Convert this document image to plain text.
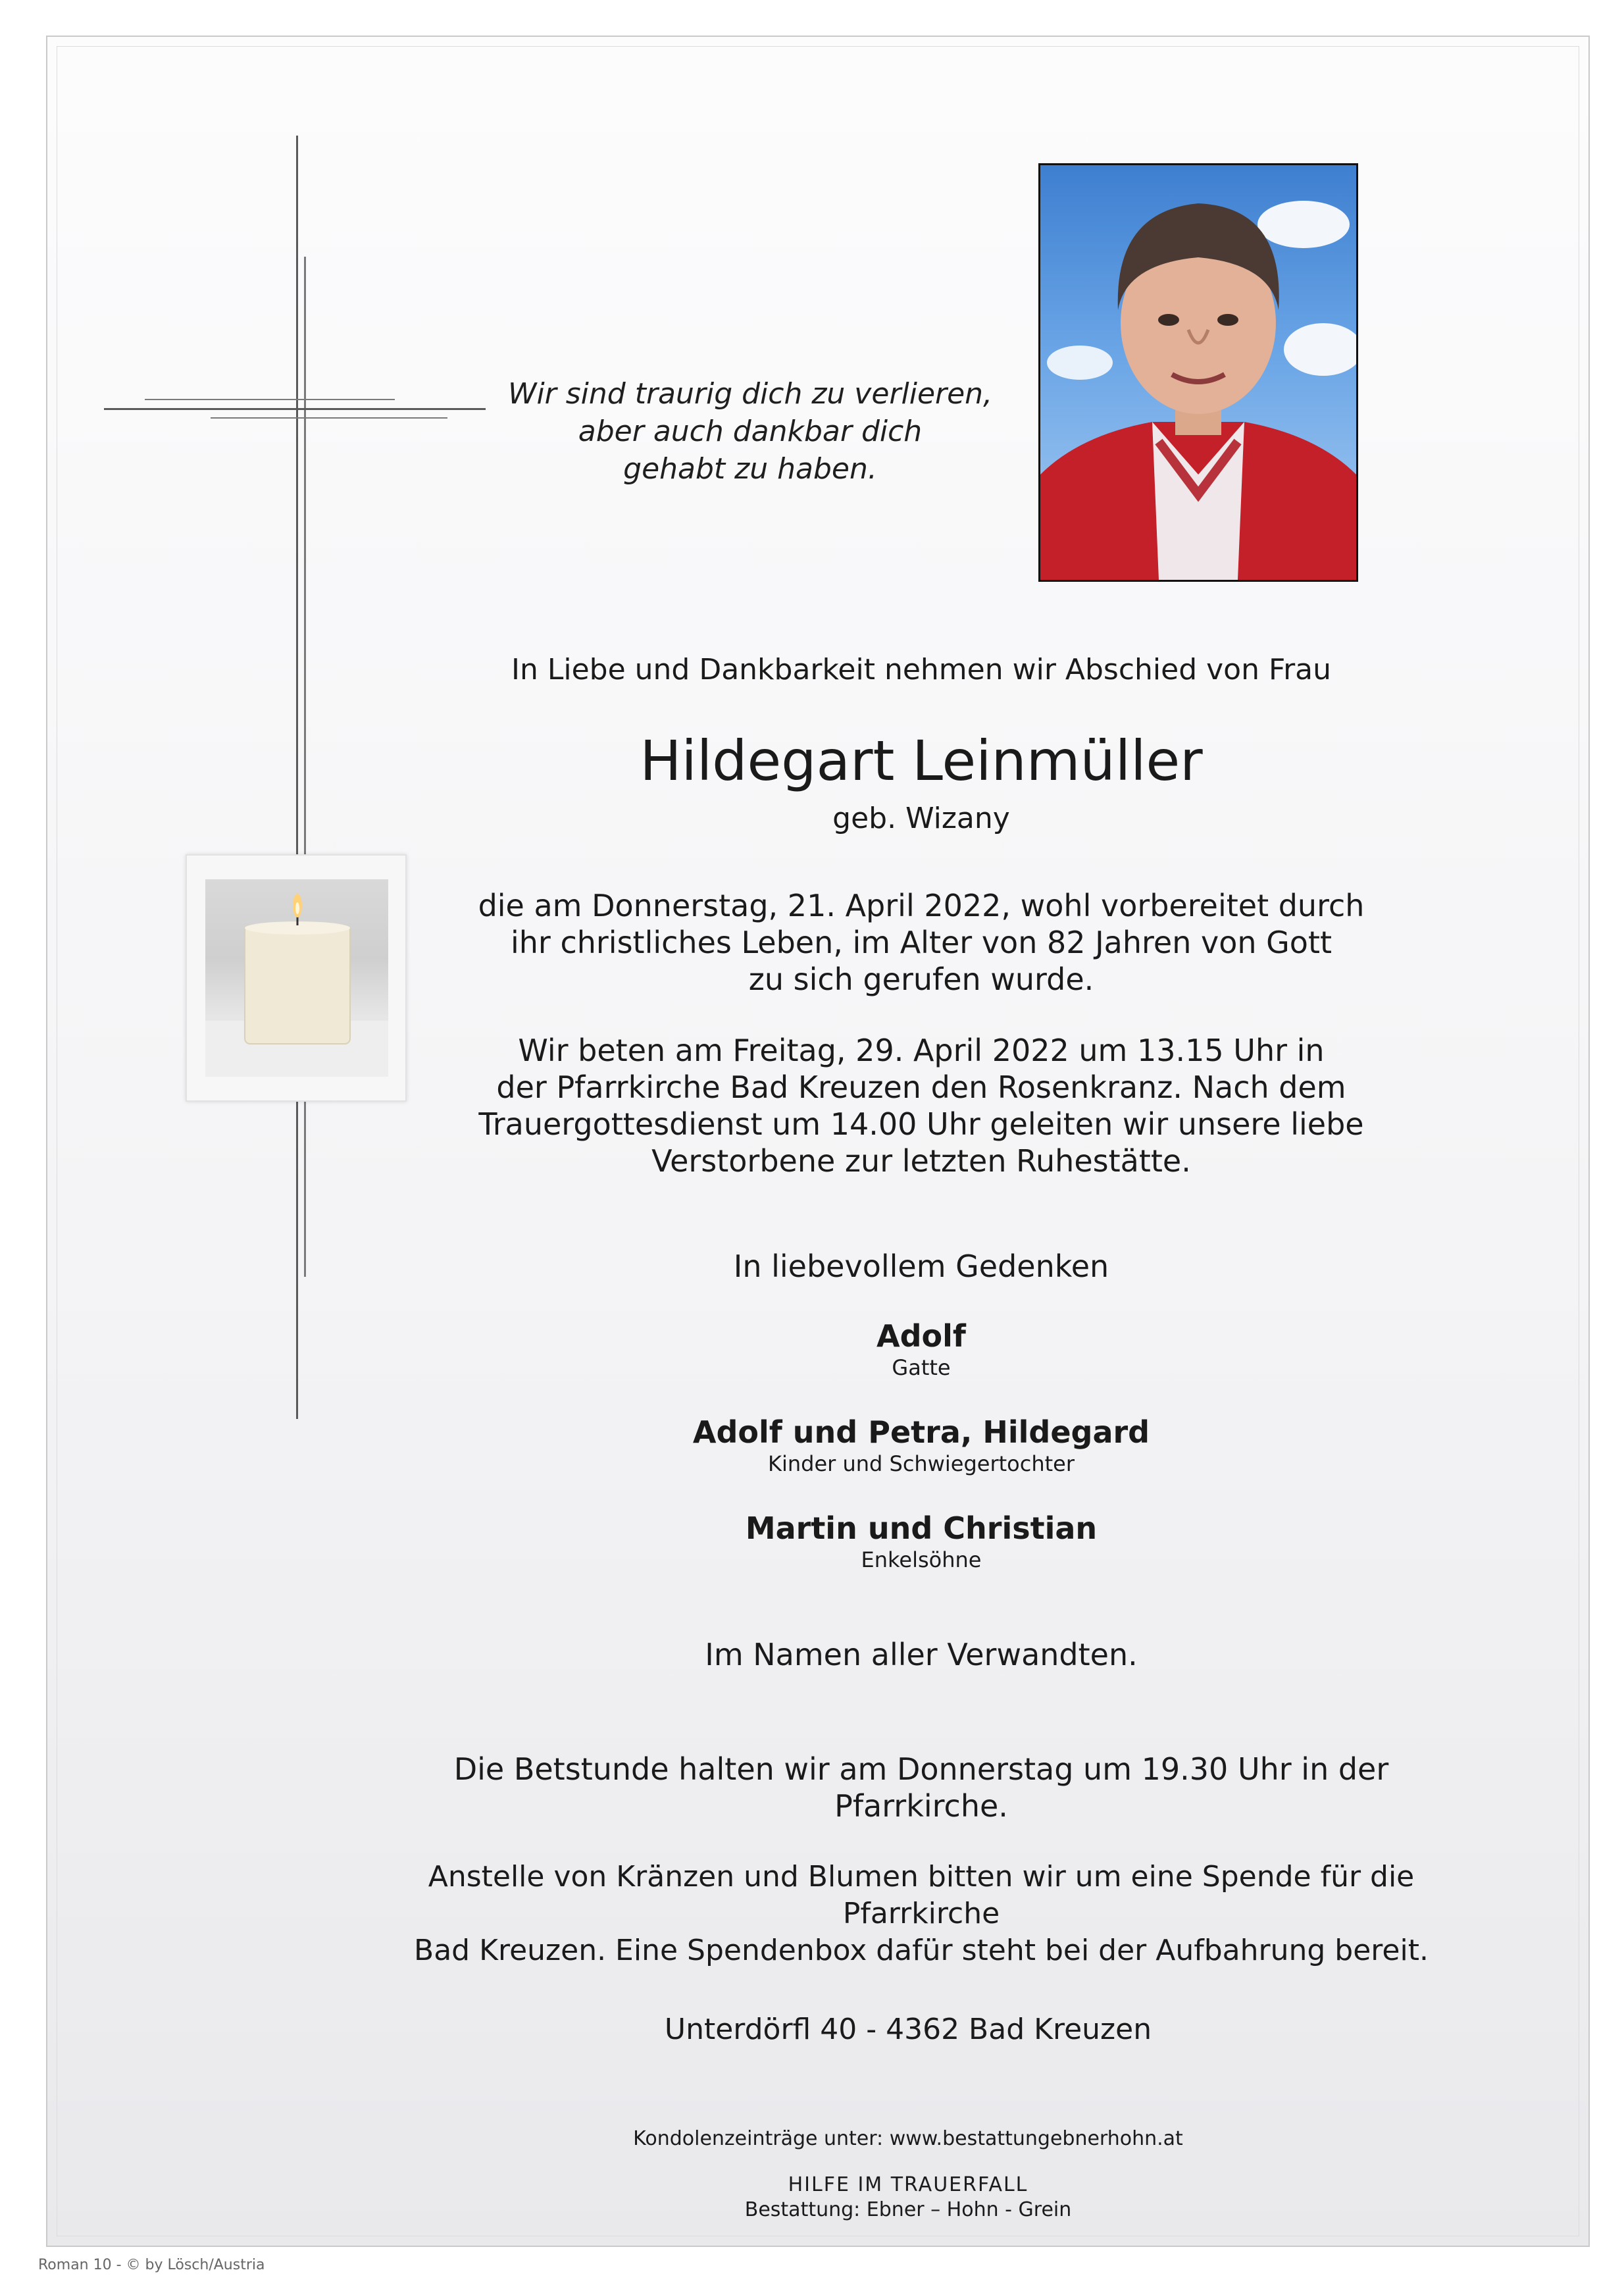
Wir sind traurig dich zu verlieren,
aber auch dankbar dich
gehabt zu haben.
In Liebe und Dankbarkeit nehmen wir Abschied von Frau
Hildegart Leinmüller
geb. Wizany
die am Donnerstag, 21. April 2022, wohl vorbereitet durch
ihr christliches Leben, im Alter von 82 Jahren von Gott
zu sich gerufen wurde.
Wir beten am Freitag, 29. April 2022 um 13.15 Uhr in
der Pfarrkirche Bad Kreuzen den Rosenkranz. Nach dem
Trauergottesdienst um 14.00 Uhr geleiten wir unsere liebe
Verstorbene zur letzten Ruhestätte.
In liebevollem Gedenken
Adolf
Gatte
Adolf und Petra, Hildegard
Kinder und Schwiegertochter
Martin und Christian
Enkelsöhne
Im Namen aller Verwandten.
Die Betstunde halten wir am Donnerstag um 19.30 Uhr in der Pfarrkirche.
Anstelle von Kränzen und Blumen bitten wir um eine Spende für die Pfarrkirche
Bad Kreuzen. Eine Spendenbox dafür steht bei der Aufbahrung bereit.
Unterdörfl 40 - 4362 Bad Kreuzen
Kondolenzeinträge unter: www.bestattungebnerhohn.at
HILFE IM TRAUERFALL
Bestattung: Ebner – Hohn - Grein
Roman 10 - © by Lösch/Austria
